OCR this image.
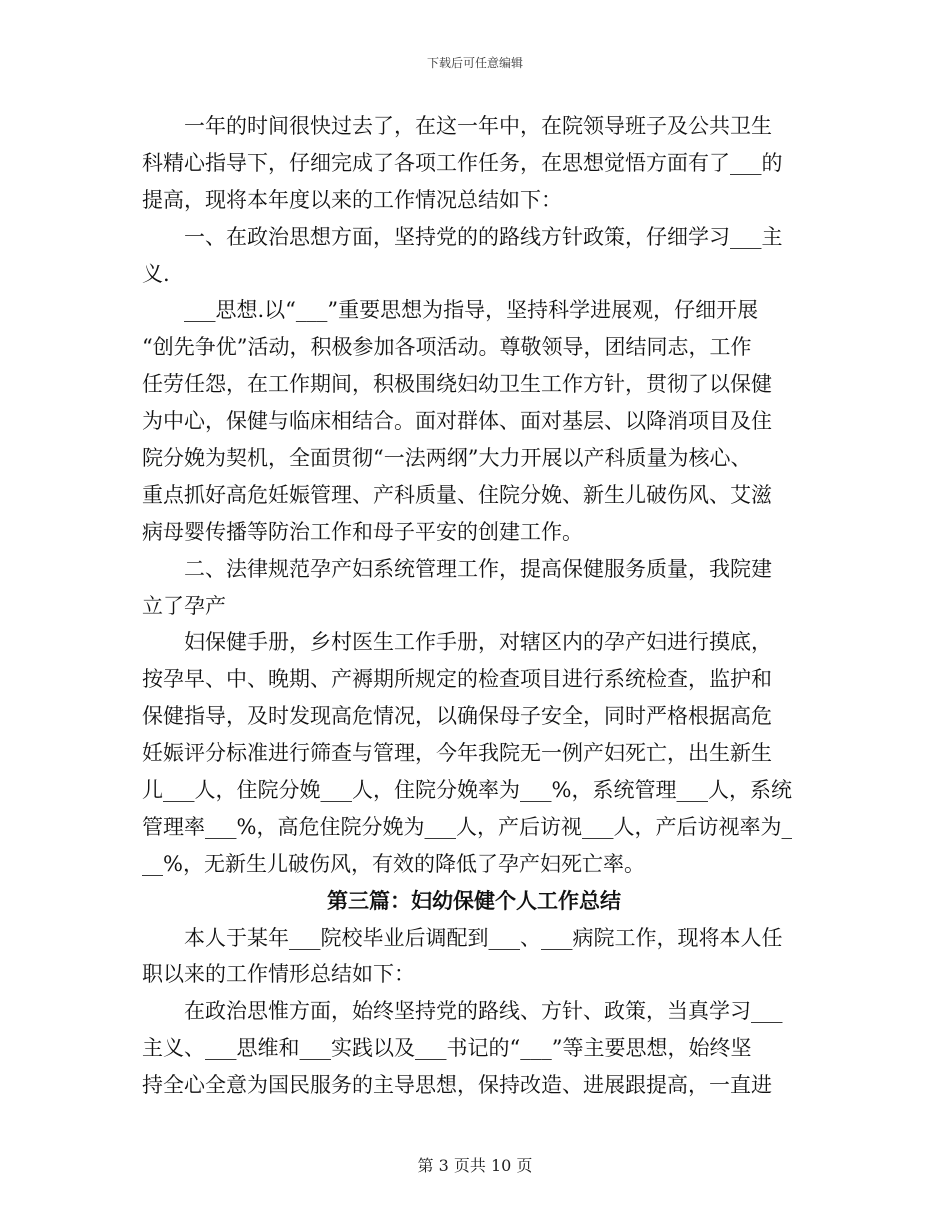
下载后可任意编辑
一年的时间很快过去了，在这一年中，在院领导班子及公共卫生
科精心指导下，仔细完成了各项工作任务，在思想觉悟方面有了___的
提高，现将本年度以来的工作情况总结如下：
一、在政治思想方面，坚持党的的路线方针政策，仔细学习___主
义.
___思想.以“___”重要思想为指导，坚持科学进展观，仔细开展
“创先争优”活动，积极参加各项活动。尊敬领导，团结同志，工作
任劳任怨，在工作期间，积极围绕妇幼卫生工作方针，贯彻了以保健
为中心，保健与临床相结合。面对群体、面对基层、以降消项目及住
院分娩为契机，全面贯彻“一法两纲”大力开展以产科质量为核心、
重点抓好高危妊娠管理、产科质量、住院分娩、新生儿破伤风、艾滋
病母婴传播等防治工作和母子平安的创建工作。
二、法律规范孕产妇系统管理工作，提高保健服务质量，我院建
立了孕产
妇保健手册，乡村医生工作手册，对辖区内的孕产妇进行摸底，
按孕早、中、晚期、产褥期所规定的检查项目进行系统检查，监护和
保健指导，及时发现高危情况，以确保母子安全，同时严格根据高危
妊娠评分标准进行筛查与管理，今年我院无一例产妇死亡，出生新生
儿___人，住院分娩___人，住院分娩率为___%，系统管理___人，系统
管理率___%，高危住院分娩为___人，产后访视___人，产后访视率为_
__%，无新生儿破伤风，有效的降低了孕产妇死亡率。
第三篇：妇幼保健个人工作总结
本人于某年___院校毕业后调配到___、___病院工作，现将本人任
职以来的工作情形总结如下：
在政治思惟方面，始终坚持党的路线、方针、政策，当真学习___
主义、___思维和___实践以及___书记的“___”等主要思想，始终坚
持全心全意为国民服务的主导思想，保持改造、进展跟提高，一直进
第 3 页共 10 页
